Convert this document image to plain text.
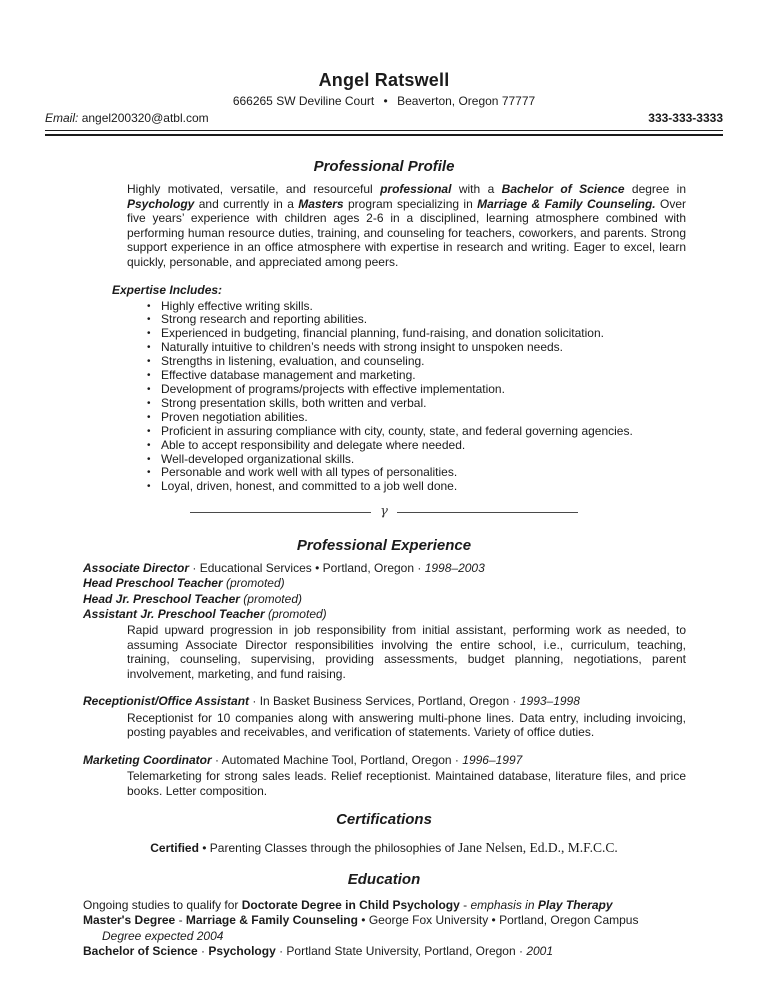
Angel Ratswell
666265 SW Deviline Court  •  Beaverton, Oregon 77777
Email: angel200320@atbl.com	333-333-3333
Professional Profile

Highly motivated, versatile, and resourceful professional with a Bachelor of Science degree in Psychology and currently in a Masters program specializing in Marriage & Family Counseling. Over five years’ experience with children ages 2-6 in a disciplined, learning atmosphere combined with performing human resource duties, training, and counseling for teachers, coworkers, and parents. Strong support experience in an office atmosphere with expertise in research and writing. Eager to excel, learn quickly, personable, and appreciated among peers.

Expertise Includes:
• Highly effective writing skills.
• Strong research and reporting abilities.
• Experienced in budgeting, financial planning, fund-raising, and donation solicitation.
• Naturally intuitive to children’s needs with strong insight to unspoken needs.
• Strengths in listening, evaluation, and counseling.
• Effective database management and marketing.
• Development of programs/projects with effective implementation.
• Strong presentation skills, both written and verbal.
• Proven negotiation abilities.
• Proficient in assuring compliance with city, county, state, and federal governing agencies.
• Able to accept responsibility and delegate where needed.
• Well-developed organizational skills.
• Personable and work well with all types of personalities.
• Loyal, driven, honest, and committed to a job well done.
γ
Professional Experience
Associate Director · Educational Services • Portland, Oregon · 1998–2003
Head Preschool Teacher (promoted)
Head Jr. Preschool Teacher (promoted)
Assistant Jr. Preschool Teacher (promoted)

Rapid upward progression in job responsibility from initial assistant, performing work as needed, to assuming Associate Director responsibilities involving the entire school, i.e., curriculum, teaching, training, counseling, supervising, providing assessments, budget planning, negotiations, parent involvement, marketing, and fund raising.

Receptionist/Office Assistant · In Basket Business Services, Portland, Oregon · 1993–1998

Receptionist for 10 companies along with answering multi-phone lines. Data entry, including invoicing, posting payables and receivables, and verification of statements. Variety of office duties.

Marketing Coordinator · Automated Machine Tool, Portland, Oregon · 1996–1997

Telemarketing for strong sales leads. Relief receptionist. Maintained database, literature files, and price books. Letter composition.

Certifications
Certified • Parenting Classes through the philosophies of Jane Nelsen, Ed.D., M.F.C.C.
Education
Ongoing studies to qualify for Doctorate Degree in Child Psychology - emphasis in Play Therapy
Master's Degree - Marriage & Family Counseling • George Fox University • Portland, Oregon Campus
Degree expected 2004
Bachelor of Science · Psychology · Portland State University, Portland, Oregon · 2001
